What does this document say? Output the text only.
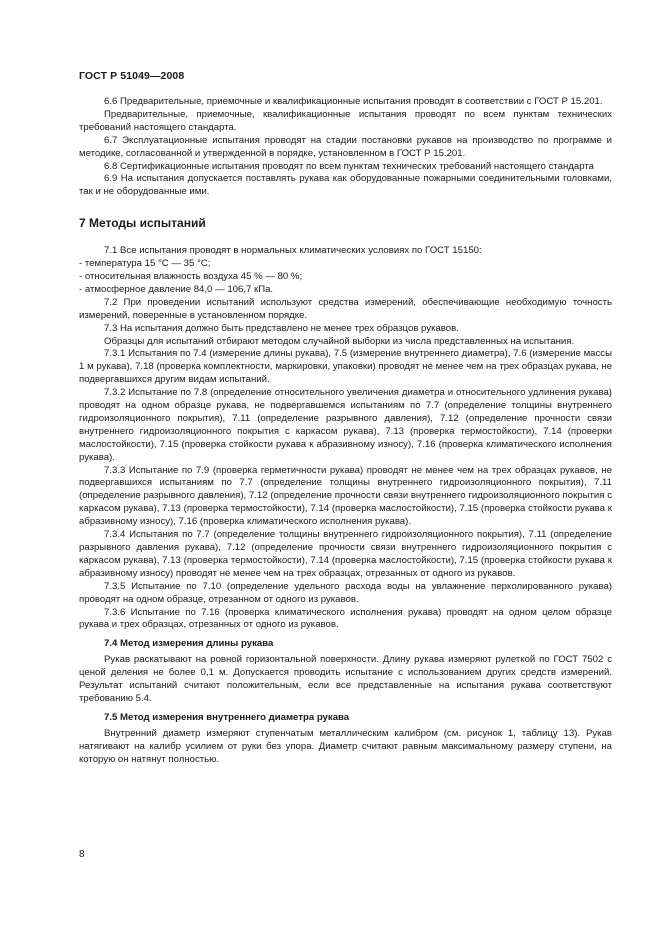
ГОСТ Р 51049—2008

6.6 Предварительные, приемочные и квалификационные испытания проводят в соответствии с ГОСТ Р 15.201.

Предварительные, приемочные, квалификационные испытания проводят по всем пунктам технических требований настоящего стандарта.

6.7 Эксплуатационные испытания проводят на стадии постановки рукавов на производство по программе и методике, согласованной и утвержденной в порядке, установленном в ГОСТ Р 15.201.

6.8 Сертификационные испытания проводят по всем пунктам технических требований настоящего стандарта

6.9 На испытания допускается поставлять рукава как оборудованные пожарными соединительными головками, так и не оборудованные ими.

7 Методы испытаний

7.1 Все испытания проводят в нормальных климатических условиях по ГОСТ 15150:

- температура 15 °С — 35 °С;

- относительная влажность воздуха 45 % — 80 %;

- атмосферное давление 84,0 — 106,7 кПа.

7.2 При проведении испытаний используют средства измерений, обеспечивающие необходимую точность измерений, поверенные в установленном порядке.

7.3 На испытания должно быть представлено не менее трех образцов рукавов.

Образцы для испытаний отбирают методом случайной выборки из числа представленных на испытания.

7.3.1 Испытания по 7.4 (измерение длины рукава), 7.5 (измерение внутреннего диаметра), 7.6 (измерение массы 1 м рукава), 7.18 (проверка комплектности, маркировки, упаковки) проводят не менее чем на трех образцах рукава, не подвергавшихся другим видам испытаний.

7.3.2 Испытание по 7.8 (определение относительного увеличения диаметра и относительного удлинения рукава) проводят на одном образце рукава, не подвергавшемся испытаниям по 7.7 (определение толщины внутреннего гидроизоляционного покрытия), 7.11 (определение разрывного давления), 7.12 (определение прочности связи внутреннего гидроизоляционного покрытия с каркасом рукава), 7.13 (проверка термостойкости), 7.14 (проверки маслостойкости), 7.15 (проверка стойкости рукава к абразивному износу), 7.16 (проверка климатического исполнения рукава).

7.3.3 Испытание по 7.9 (проверка герметичности рукава) проводят не менее чем на трех образцах рукавов, не подвергавшихся испытаниям по 7.7 (определение толщины внутреннего гидроизоляционного покрытия), 7.11 (определение разрывного давления), 7.12 (определение прочности связи внутреннего гидроизоляционного покрытия с каркасом рукава), 7.13 (проверка термостойкости), 7.14 (проверка маслостойкости), 7.15 (проверка стойкости рукава к абразивному износу), 7.16 (проверка климатического исполнения рукава).

7.3.4 Испытания по 7.7 (определение толщины внутреннего гидроизоляционного покрытия), 7.11 (определение разрывного давления рукава), 7.12 (определение прочности связи внутреннего гидроизоляционного покрытия с каркасом рукава), 7.13 (проверка термостойкости), 7.14 (проверка маслостойкости), 7.15 (проверка стойкости рукава к абразивному износу) проводят не менее чем на трех образцах, отрезанных от одного из рукавов.

7.3.5 Испытание по 7.10 (определение удельного расхода воды на увлажнение перколированного рукава) проводят на одном образце, отрезанном от одного из рукавов.

7.3.6 Испытание по 7.16 (проверка климатического исполнения рукава) проводят на одном целом образце рукава и трех образцах, отрезанных от одного из рукавов.

7.4 Метод измерения длины рукава

Рукав раскатывают на ровной горизонтальной поверхности. Длину рукава измеряют рулеткой по ГОСТ 7502 с ценой деления не более 0,1 м. Допускается проводить испытание с использованием других средств измерений. Результат испытаний считают положительным, если все представленные на испытания рукава соответствуют требованию 5.4.

7.5 Метод измерения внутреннего диаметра рукава

Внутренний диаметр измеряют ступенчатым металлическим калибром (см. рисунок 1, таблицу 13). Рукав натягивают на калибр усилием от руки без упора. Диаметр считают равным максимальному размеру ступени, на которую он натянут полностью.

8
